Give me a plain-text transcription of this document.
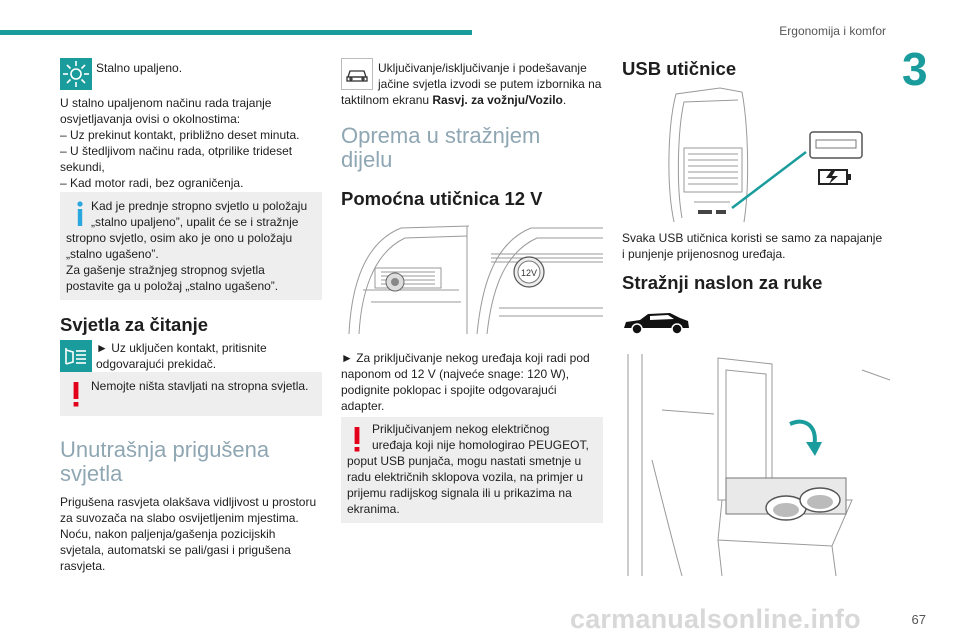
Ergonomija i komfor
3
Stalno upaljeno.
U stalno upaljenom načinu rada trajanje
osvjetljavanja ovisi o okolnostima:
– Uz prekinut kontakt, približno deset minuta.
– U štedljivom načinu rada, otprilike trideset
sekundi,
– Kad motor radi, bez ograničenja.
Kad je prednje stropno svjetlo u položaju
„stalno upaljeno”, upalit će se i stražnje
stropno svjetlo, osim ako je ono u položaju
„stalno ugašeno”.
Za gašenje stražnjeg stropnog svjetla
postavite ga u položaj „stalno ugašeno”.
Svjetla za čitanje
► Uz uključen kontakt, pritisnite
odgovarajući prekidač.
Nemojte ništa stavljati na stropna svjetla.
Unutrašnja prigušena
svjetla
Prigušena rasvjeta olakšava vidljivost u prostoru
za suvozača na slabo osvijetljenim mjestima.
Noću, nakon paljenja/gašenja pozicijskih
svjetala, automatski se pali/gasi i prigušena
rasvjeta.
Uključivanje/isključivanje i podešavanje
jačine svjetla izvodi se putem izbornika na
taktilnom ekranu Rasvj. za vožnju/Vozilo.
Oprema u stražnjem
dijelu
Pomoćna utičnica 12 V
12V
► Za priključivanje nekog uređaja koji radi pod
naponom od 12 V (najveće snage: 120 W),
podignite poklopac i spojite odgovarajući
adapter.
Priključivanjem nekog električnog
uređaja koji nije homologirao PEUGEOT,
poput USB punjača, mogu nastati smetnje u
radu električnih sklopova vozila, na primjer u
prijemu radijskog signala ili u prikazima na
ekranima.
USB utičnice
Svaka USB utičnica koristi se samo za napajanje
i punjenje prijenosnog uređaja.
Stražnji naslon za ruke
carmanualsonline.info	67
